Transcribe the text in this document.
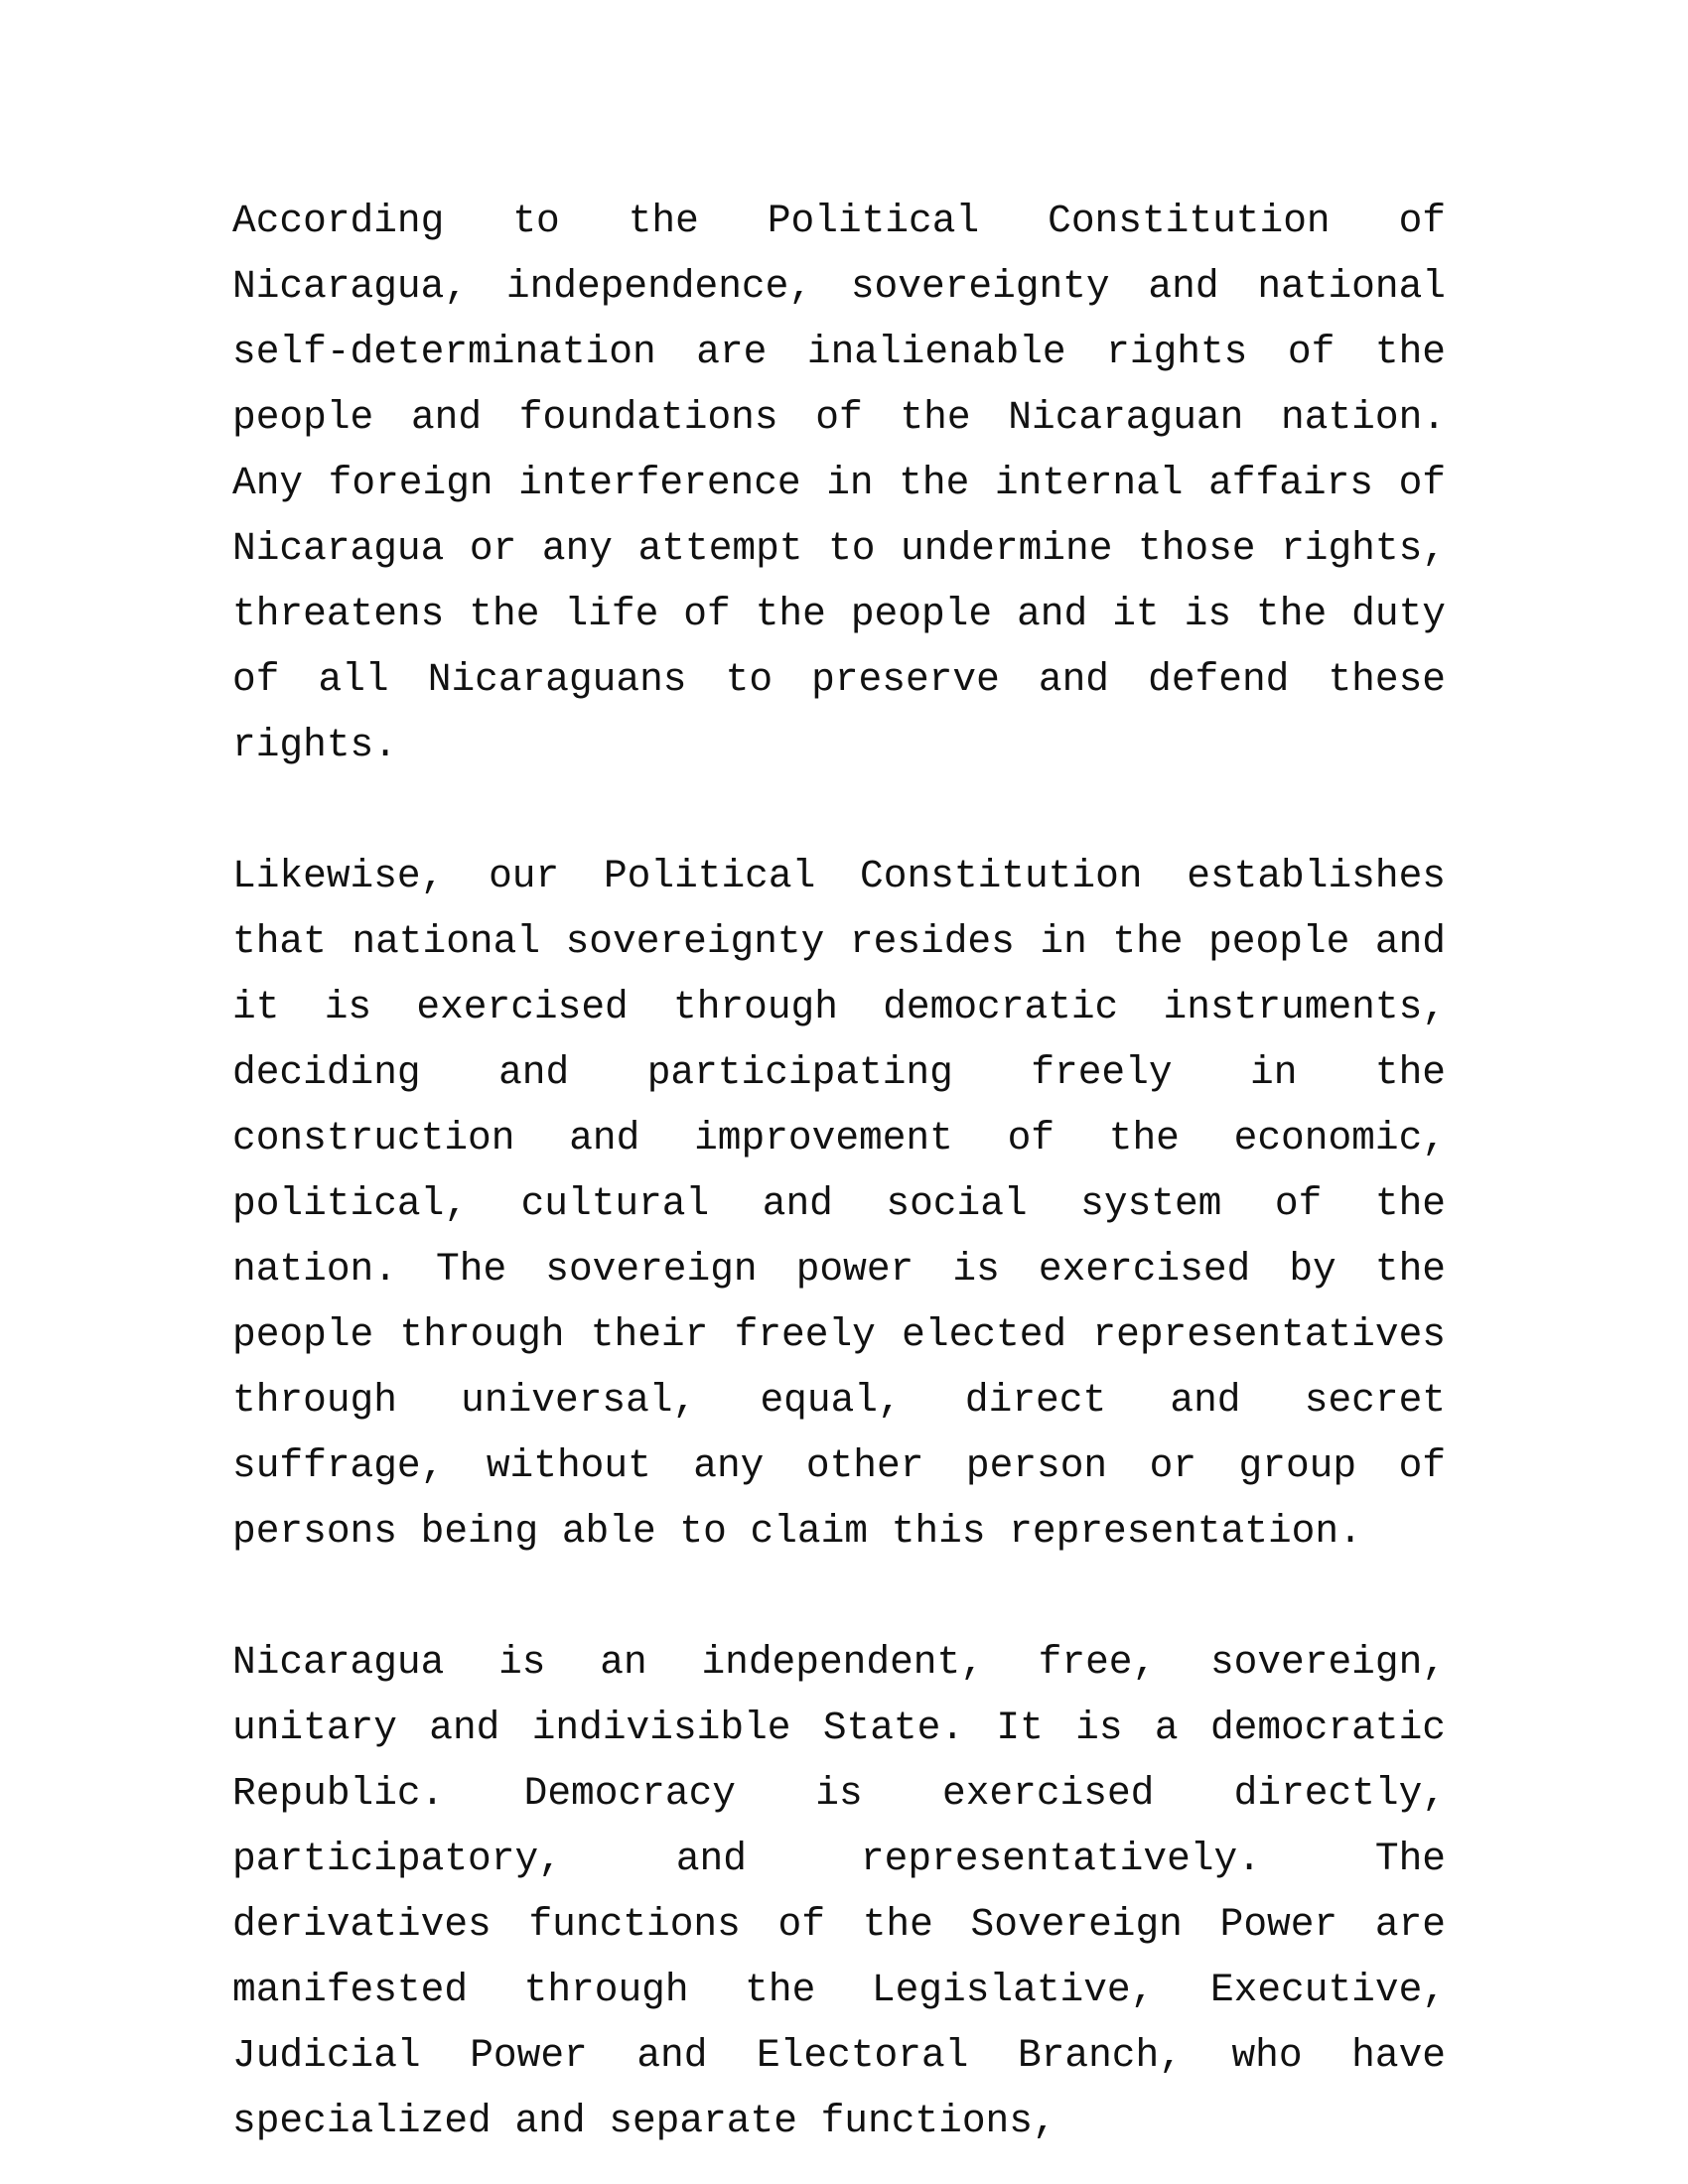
According to the Political Constitution of Nicaragua, independence, sovereignty and national self-determination are inalienable rights of the people and foundations of the Nicaraguan nation. Any foreign interference in the internal affairs of Nicaragua or any attempt to undermine those rights, threatens the life of the people and it is the duty of all Nicaraguans to preserve and defend these rights.

Likewise, our Political Constitution establishes that national sovereignty resides in the people and it is exercised through democratic instruments, deciding and participating freely in the construction and improvement of the economic, political, cultural and social system of the nation. The sovereign power is exercised by the people through their freely elected representatives through universal, equal, direct and secret suffrage, without any other person or group of persons being able to claim this representation.

Nicaragua is an independent, free, sovereign, unitary and indivisible State. It is a democratic Republic. Democracy is exercised directly, participatory, and representatively. The derivatives functions of the Sovereign Power are manifested through the Legislative, Executive, Judicial Power and Electoral Branch, who have specialized and separate functions,
